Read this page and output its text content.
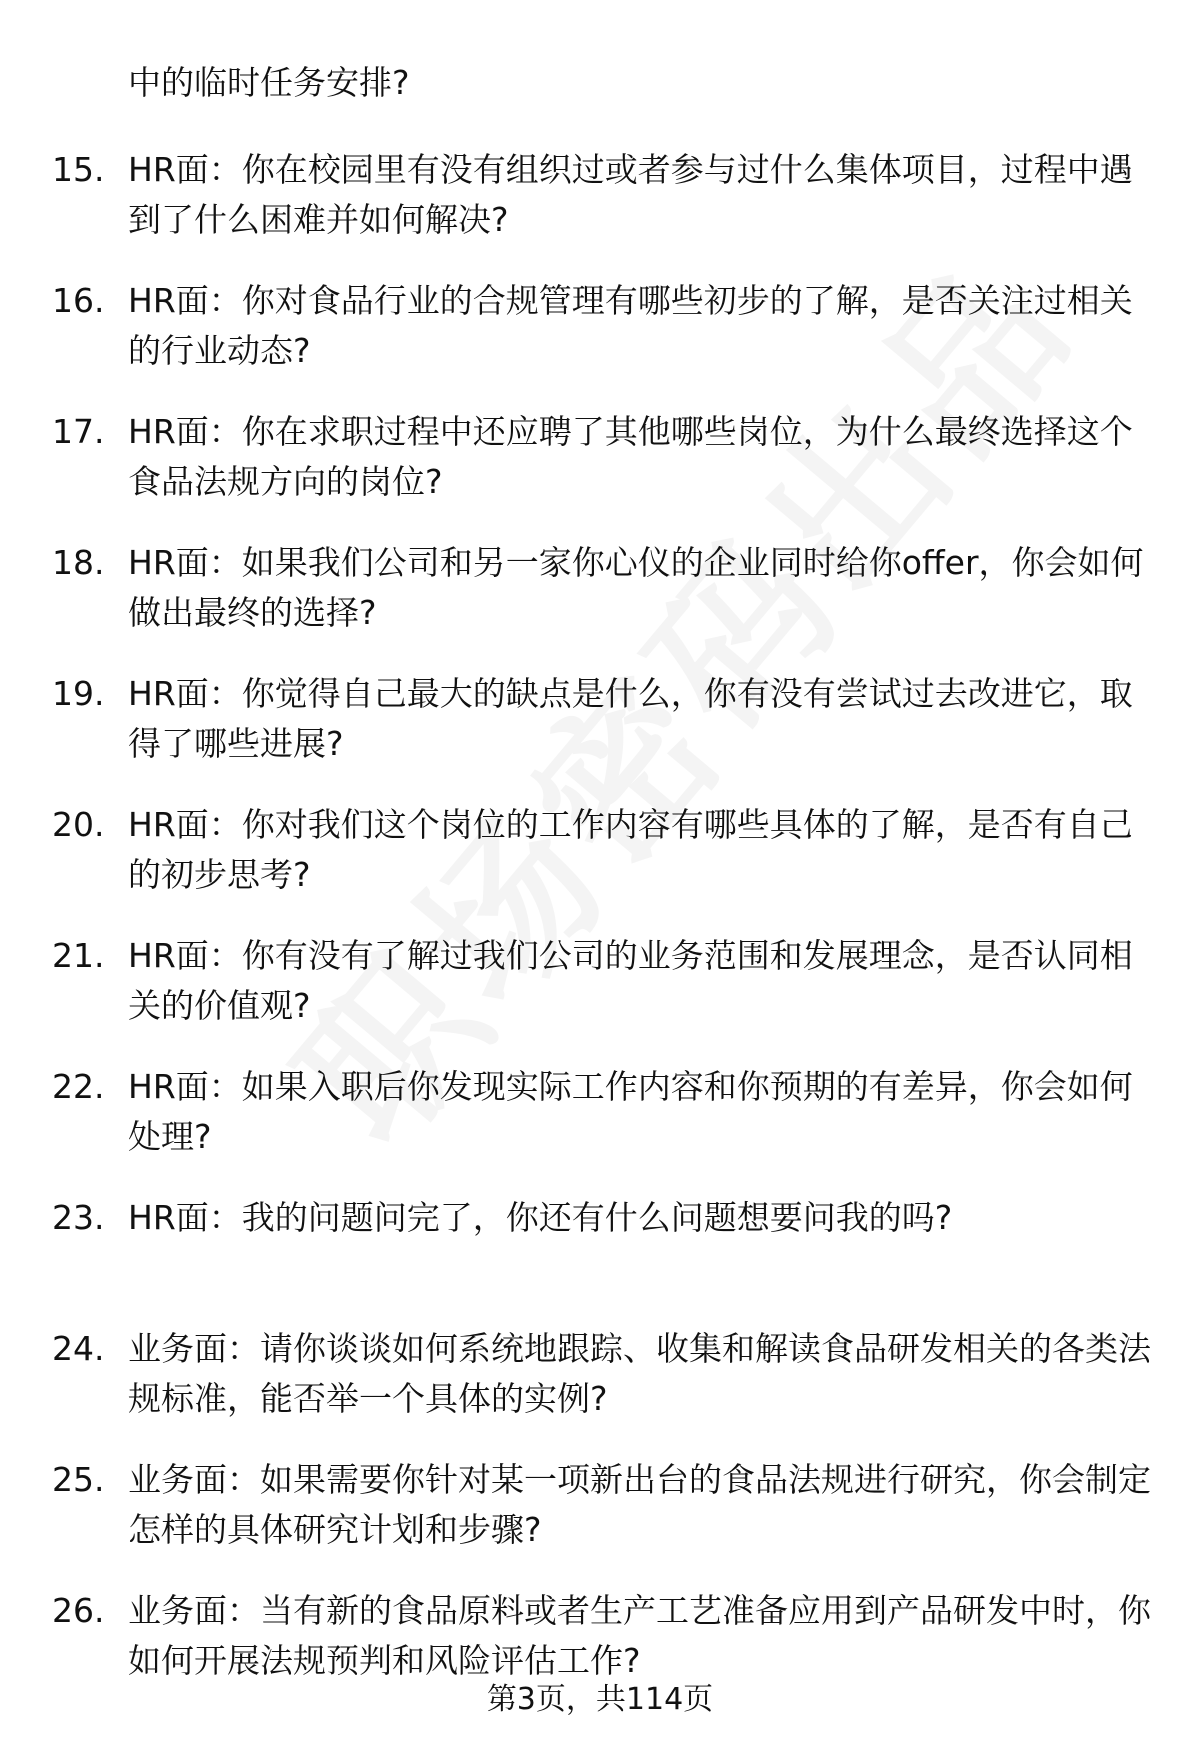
中的临时任务安排?
15. HR面：你在校园里有没有组织过或者参与过什么集体项目，过程中遇到了什么困难并如何解决?
16. HR面：你对食品行业的合规管理有哪些初步的了解，是否关注过相关的行业动态?
17. HR面：你在求职过程中还应聘了其他哪些岗位，为什么最终选择这个食品法规方向的岗位?
18. HR面：如果我们公司和另一家你心仪的企业同时给你offer，你会如何做出最终的选择?
19. HR面：你觉得自己最大的缺点是什么，你有没有尝试过去改进它，取得了哪些进展?
20. HR面：你对我们这个岗位的工作内容有哪些具体的了解，是否有自己的初步思考?
21. HR面：你有没有了解过我们公司的业务范围和发展理念，是否认同相关的价值观?
22. HR面：如果入职后你发现实际工作内容和你预期的有差异，你会如何处理?
23. HR面：我的问题问完了，你还有什么问题想要问我的吗?
24. 业务面：请你谈谈如何系统地跟踪、收集和解读食品研发相关的各类法规标准，能否举一个具体的实例?
25. 业务面：如果需要你针对某一项新出台的食品法规进行研究，你会制定怎样的具体研究计划和步骤?
26. 业务面：当有新的食品原料或者生产工艺准备应用到产品研发中时，你如何开展法规预判和风险评估工作?
第3页，共114页
